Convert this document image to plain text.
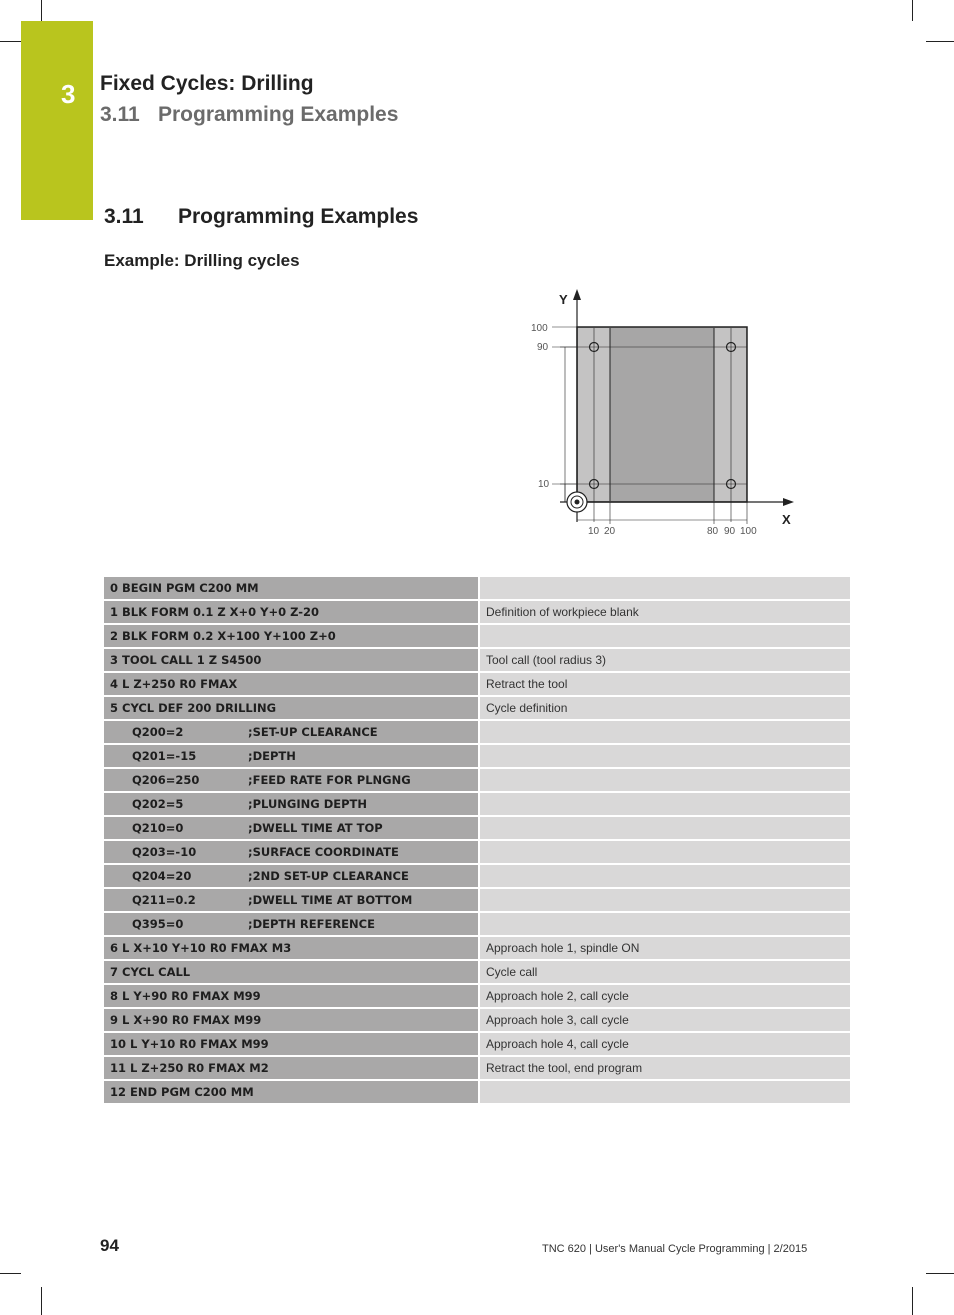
3	Fixed Cycles: Drilling
3.11 Programming Examples
3.11 Programming Examples
Example: Drilling cycles
Y
X
100
90
10
10 20	80 90 100
0 BEGIN PGM C200 MM	
1 BLK FORM 0.1 Z X+0 Y+0 Z-20	Definition of workpiece blank
2 BLK FORM 0.2 X+100 Y+100 Z+0	
3 TOOL CALL 1 Z S4500	Tool call (tool radius 3)
4 L Z+250 R0 FMAX	Retract the tool
5 CYCL DEF 200 DRILLING	Cycle definition
Q200=2 ;SET-UP CLEARANCE	
Q201=-15 ;DEPTH	
Q206=250 ;FEED RATE FOR PLNGNG	
Q202=5 ;PLUNGING DEPTH	
Q210=0 ;DWELL TIME AT TOP	
Q203=-10 ;SURFACE COORDINATE	
Q204=20 ;2ND SET-UP CLEARANCE	
Q211=0.2 ;DWELL TIME AT BOTTOM	
Q395=0 ;DEPTH REFERENCE	
6 L X+10 Y+10 R0 FMAX M3	Approach hole 1, spindle ON
7 CYCL CALL	Cycle call
8 L Y+90 R0 FMAX M99	Approach hole 2, call cycle
9 L X+90 R0 FMAX M99	Approach hole 3, call cycle
10 L Y+10 R0 FMAX M99	Approach hole 4, call cycle
11 L Z+250 R0 FMAX M2	Retract the tool, end program
12 END PGM C200 MM	
94	TNC 620 | User's Manual Cycle Programming | 2/2015
